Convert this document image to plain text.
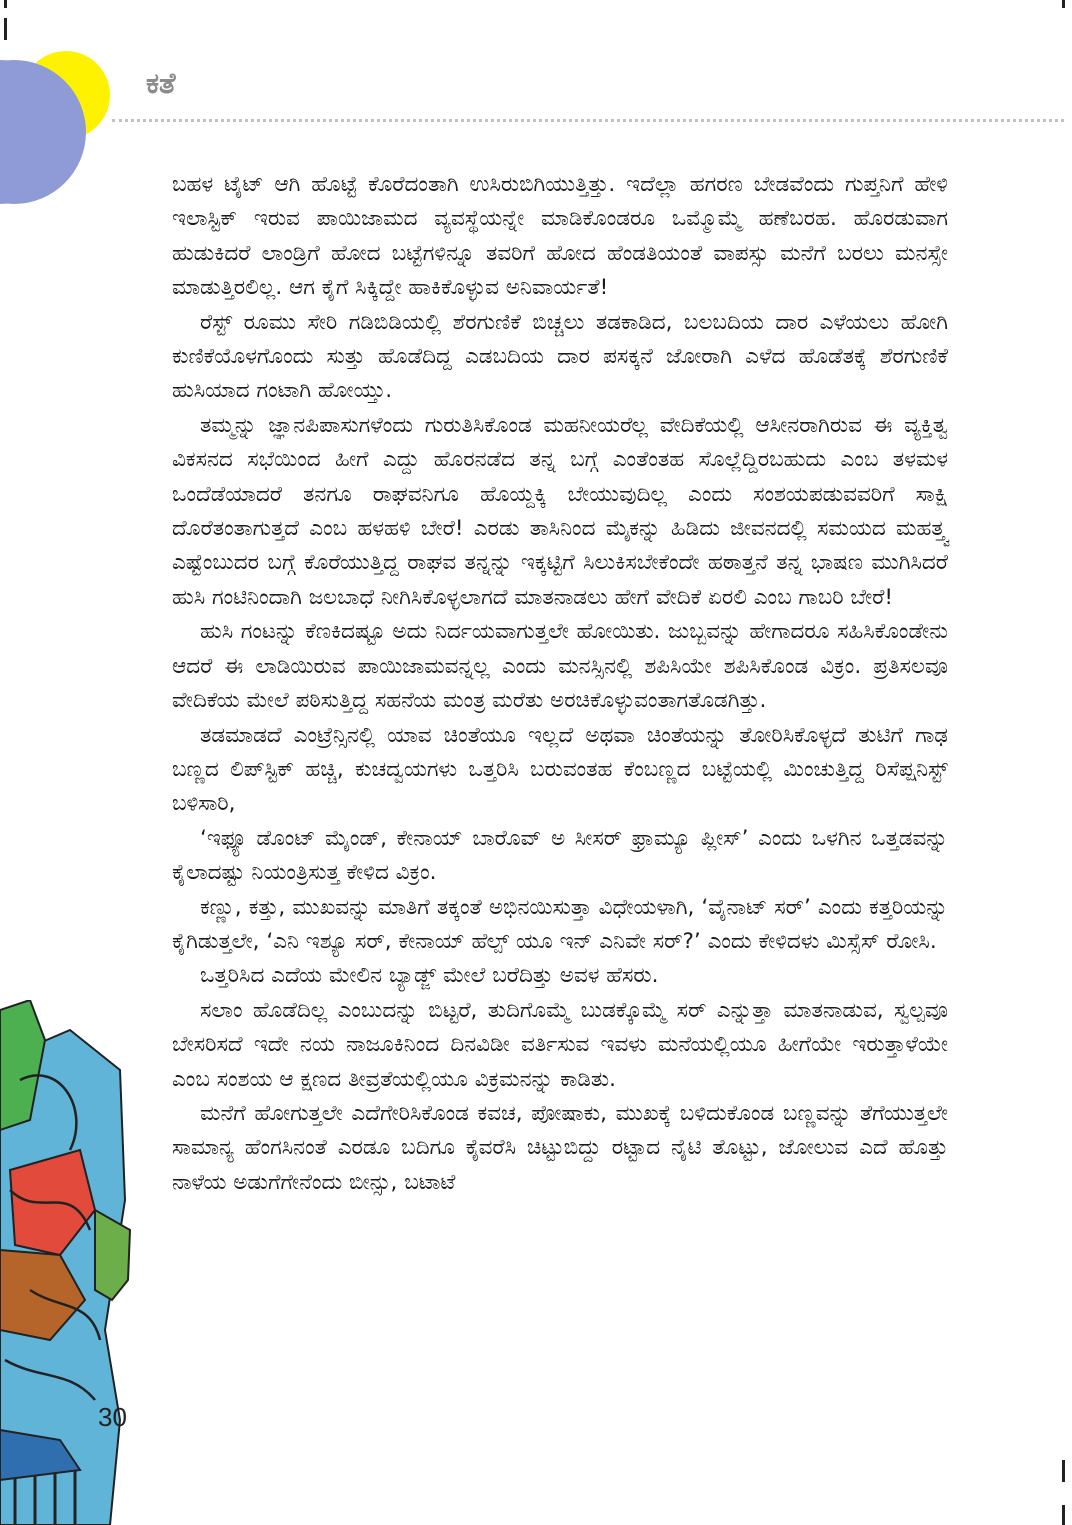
ಕತೆ

ಬಹಳ ಟೈಟ್ ಆಗಿ ಹೊಟ್ಟೆ ಕೊರೆದಂತಾಗಿ ಉಸಿರುಬಿಗಿಯುತ್ತಿತ್ತು. ಇದೆಲ್ಲಾ ಹಗರಣ ಬೇಡವೆಂದು ಗುಪ್ತನಿಗೆ ಹೇಳಿ ಇಲಾಸ್ಟಿಕ್ ಇರುವ ಪಾಯಿಜಾಮದ ವ್ಯವಸ್ಥೆಯನ್ನೇ ಮಾಡಿಕೊಂಡರೂ ಒಮ್ಮೊಮ್ಮೆ ಹಣೆಬರಹ. ಹೊರಡುವಾಗ ಹುಡುಕಿದರೆ ಲಾಂಡ್ರಿಗೆ ಹೋದ ಬಟ್ಟೆಗಳಿನ್ನೂ ತವರಿಗೆ ಹೋದ ಹೆಂಡತಿಯಂತೆ ವಾಪಸ್ಸು ಮನೆಗೆ ಬರಲು ಮನಸ್ಸೇ ಮಾಡುತ್ತಿರಲಿಲ್ಲ. ಆಗ ಕೈಗೆ ಸಿಕ್ಕಿದ್ದೇ ಹಾಕಿಕೊಳ್ಳುವ ಅನಿವಾರ್ಯತೆ!

ರೆಸ್ಟ್ ರೂಮು ಸೇರಿ ಗಡಿಬಿಡಿಯಲ್ಲಿ ಶೆರಗುಣಿಕೆ ಬಿಚ್ಚಲು ತಡಕಾಡಿದ, ಬಲಬದಿಯ ದಾರ ಎಳೆಯಲು ಹೋಗಿ ಕುಣಿಕೆಯೊಳಗೊಂದು ಸುತ್ತು ಹೊಡೆದಿದ್ದ ಎಡಬದಿಯ ದಾರ ಪಸಕ್ಕನೆ ಜೋರಾಗಿ ಎಳೆದ ಹೊಡೆತಕ್ಕೆ ಶೆರಗುಣಿಕೆ ಹುಸಿಯಾದ ಗಂಟಾಗಿ ಹೋಯ್ತು.

ತಮ್ಮನ್ನು ಜ್ಞಾನಪಿಪಾಸುಗಳೆಂದು ಗುರುತಿಸಿಕೊಂಡ ಮಹನೀಯರೆಲ್ಲ ವೇದಿಕೆಯಲ್ಲಿ ಆಸೀನರಾಗಿರುವ ಈ ವ್ಯಕ್ತಿತ್ವ ವಿಕಸನದ ಸಭೆಯಿಂದ ಹೀಗೆ ಎದ್ದು ಹೊರನಡೆದ ತನ್ನ ಬಗ್ಗೆ ಎಂತೆಂತಹ ಸೊಲ್ಲೆದ್ದಿರಬಹುದು ಎಂಬ ತಳಮಳ ಒಂದೆಡೆಯಾದರೆ ತನಗೂ ರಾಘವನಿಗೂ ಹೊಯ್ದಕ್ಕಿ ಬೇಯುವುದಿಲ್ಲ ಎಂದು ಸಂಶಯಪಡುವವರಿಗೆ ಸಾಕ್ಷಿ ದೊರೆತಂತಾಗುತ್ತದೆ ಎಂಬ ಹಳಹಳಿ ಬೇರೆ! ಎರಡು ತಾಸಿನಿಂದ ಮೈಕನ್ನು ಹಿಡಿದು ಜೀವನದಲ್ಲಿ ಸಮಯದ ಮಹತ್ತ್ವ ಎಷ್ಟೆಂಬುದರ ಬಗ್ಗೆ ಕೊರೆಯುತ್ತಿದ್ದ ರಾಘವ ತನ್ನನ್ನು ಇಕ್ಕಟ್ಟಿಗೆ ಸಿಲುಕಿಸಬೇಕೆಂದೇ ಹಠಾತ್ತನೆ ತನ್ನ ಭಾಷಣ ಮುಗಿಸಿದರೆ ಹುಸಿ ಗಂಟಿನಿಂದಾಗಿ ಜಲಬಾಧೆ ನೀಗಿಸಿಕೊಳ್ಳಲಾಗದೆ ಮಾತನಾಡಲು ಹೇಗೆ ವೇದಿಕೆ ಏರಲಿ ಎಂಬ ಗಾಬರಿ ಬೇರೆ!

ಹುಸಿ ಗಂಟನ್ನು ಕೆಣಕಿದಷ್ಟೂ ಅದು ನಿರ್ದಯವಾಗುತ್ತಲೇ ಹೋಯಿತು. ಜುಬ್ಬವನ್ನು ಹೇಗಾದರೂ ಸಹಿಸಿಕೊಂಡೇನು ಆದರೆ ಈ ಲಾಡಿಯಿರುವ ಪಾಯಿಜಾಮವನ್ನಲ್ಲ ಎಂದು ಮನಸ್ಸಿನಲ್ಲಿ ಶಪಿಸಿಯೇ ಶಪಿಸಿಕೊಂಡ ವಿಕ್ರಂ. ಪ್ರತಿಸಲವೂ ವೇದಿಕೆಯ ಮೇಲೆ ಪಠಿಸುತ್ತಿದ್ದ ಸಹನೆಯ ಮಂತ್ರ ಮರೆತು ಅರಚಿಕೊಳ್ಳುವಂತಾಗತೊಡಗಿತ್ತು.

ತಡಮಾಡದೆ ಎಂಟ್ರೆನ್ಸಿನಲ್ಲಿ ಯಾವ ಚಿಂತೆಯೂ ಇಲ್ಲದೆ ಅಥವಾ ಚಿಂತೆಯನ್ನು ತೋರಿಸಿಕೊಳ್ಳದೆ ತುಟಿಗೆ ಗಾಢ ಬಣ್ಣದ ಲಿಪ್‌ಸ್ಟಿಕ್ ಹಚ್ಚಿ, ಕುಚದ್ವಯಗಳು ಒತ್ತರಿಸಿ ಬರುವಂತಹ ಕೆಂಬಣ್ಣದ ಬಟ್ಟೆಯಲ್ಲಿ ಮಿಂಚುತ್ತಿದ್ದ ರಿಸೆಪ್ಷನಿಸ್ಟ್ ಬಳಿಸಾರಿ,

‘ಇಫ್ಯೂ ಡೊಂಟ್ ಮೈಂಡ್, ಕೇನಾಯ್ ಬಾರೊವ್ ಅ ಸೀಸರ್ ಫ್ರಾಮ್ಯೂ ಪ್ಲೀಸ್’ ಎಂದು ಒಳಗಿನ ಒತ್ತಡವನ್ನು ಕೈಲಾದಷ್ಟು ನಿಯಂತ್ರಿಸುತ್ತ ಕೇಳಿದ ವಿಕ್ರಂ.

ಕಣ್ಣು, ಕತ್ತು, ಮುಖವನ್ನು ಮಾತಿಗೆ ತಕ್ಕಂತೆ ಅಭಿನಯಿಸುತ್ತಾ ವಿಧೇಯಳಾಗಿ, ‘ವೈನಾಟ್ ಸರ್’ ಎಂದು ಕತ್ತರಿಯನ್ನು ಕೈಗಿಡುತ್ತಲೇ, ‘ಎನಿ ಇಶ್ಯೂ ಸರ್, ಕೇನಾಯ್ ಹೆಲ್ಪ್ ಯೂ ಇನ್ ಎನಿವೇ ಸರ್?’ ಎಂದು ಕೇಳಿದಳು ಮಿಸ್ಸೆಸ್ ರೋಸಿ.

ಒತ್ತರಿಸಿದ ಎದೆಯ ಮೇಲಿನ ಬ್ಯಾಡ್ಜ್ ಮೇಲೆ ಬರೆದಿತ್ತು ಅವಳ ಹೆಸರು.

ಸಲಾಂ ಹೊಡೆದಿಲ್ಲ ಎಂಬುದನ್ನು ಬಿಟ್ಟರೆ, ತುದಿಗೊಮ್ಮೆ ಬುಡಕ್ಕೊಮ್ಮೆ ಸರ್ ಎನ್ನುತ್ತಾ ಮಾತನಾಡುವ, ಸ್ವಲ್ಪವೂ ಬೇಸರಿಸದೆ ಇದೇ ನಯ ನಾಜೂಕಿನಿಂದ ದಿನವಿಡೀ ವರ್ತಿಸುವ ಇವಳು ಮನೆಯಲ್ಲಿಯೂ ಹೀಗೆಯೇ ಇರುತ್ತಾಳೆಯೇ ಎಂಬ ಸಂಶಯ ಆ ಕ್ಷಣದ ತೀವ್ರತೆಯಲ್ಲಿಯೂ ವಿಕ್ರಮನನ್ನು ಕಾಡಿತು.

ಮನೆಗೆ ಹೋಗುತ್ತಲೇ ಎದೆಗೇರಿಸಿಕೊಂಡ ಕವಚ, ಪೋಷಾಕು, ಮುಖಕ್ಕೆ ಬಳಿದುಕೊಂಡ ಬಣ್ಣವನ್ನು ತೆಗೆಯುತ್ತಲೇ ಸಾಮಾನ್ಯ ಹೆಂಗಸಿನಂತೆ ಎರಡೂ ಬದಿಗೂ ಕೈವರೆಸಿ ಚಿಟ್ಟುಬಿದ್ದು ರಟ್ಟಾದ ನೈಟಿ ತೊಟ್ಟು, ಜೋಲುವ ಎದೆ ಹೊತ್ತು ನಾಳೆಯ ಅಡುಗೆಗೇನೆಂದು ಬೀನ್ಸು, ಬಟಾಟೆ

30
